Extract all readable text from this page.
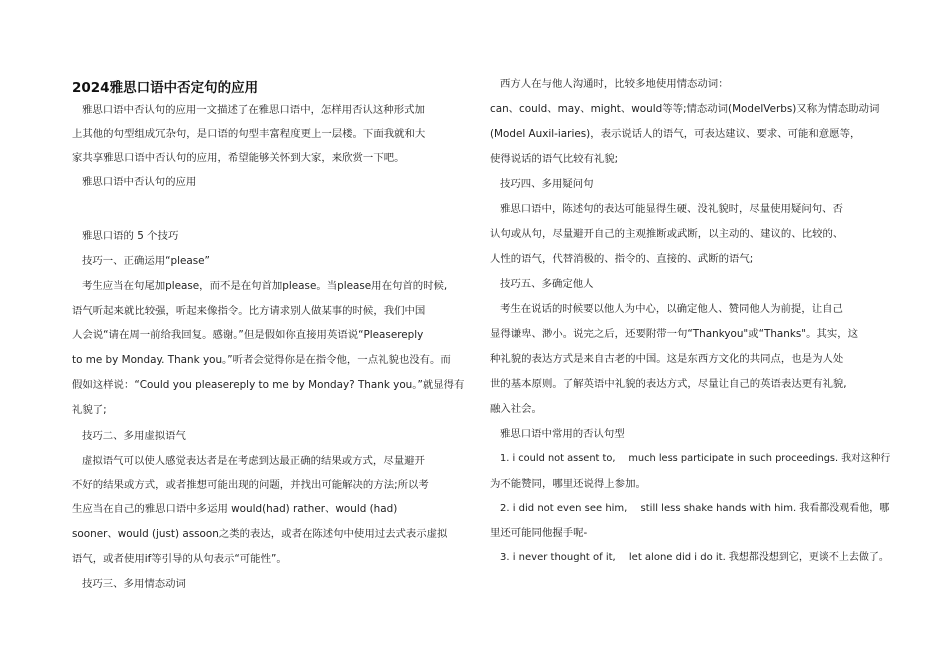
2024雅思口语中否定句的应用
雅思口语中否认句的应用一文描述了在雅思口语中，怎样用否认这种形式加
上其他的句型组成冗杂句，是口语的句型丰富程度更上一层楼。下面我就和大
家共享雅思口语中否认句的应用，希望能够关怀到大家，来欣赏一下吧。
雅思口语中否认句的应用
雅思口语的 5 个技巧
技巧一、正确运用“please”
考生应当在句尾加please，而不是在句首加please。当please用在句首的时候,
语气听起来就比较强，听起来像指令。比方请求别人做某事的时候，我们中国
人会说“请在周一前给我回复。感谢。”但是假如你直接用英语说“Pleasereply
to me by Monday. Thank you。”听者会觉得你是在指令他，一点礼貌也没有。而
假如这样说：“Could you pleasereply to me by Monday? Thank you。”就显得有
礼貌了;
技巧二、多用虚拟语气
虚拟语气可以使人感觉表达者是在考虑到达最正确的结果或方式，尽量避开
不好的结果或方式，或者推想可能出现的问题，并找出可能解决的方法;所以考
生应当在自己的雅思口语中多运用 would(had) rather、would (had)
sooner、would (just) assoon之类的表达，或者在陈述句中使用过去式表示虚拟
语气，或者使用if等引导的从句表示“可能性”。
技巧三、多用情态动词
西方人在与他人沟通时，比较多地使用情态动词：
can、could、may、might、would等等;情态动词(ModelVerbs)又称为情态助动词
(Model Auxil-iaries)，表示说话人的语气，可表达建议、要求、可能和意愿等，
使得说话的语气比较有礼貌;
技巧四、多用疑问句
雅思口语中，陈述句的表达可能显得生硬、没礼貌时，尽量使用疑问句、否
认句或从句，尽量避开自己的主观推断或武断，以主动的、建议的、比较的、
人性的语气，代替消极的、指令的、直接的、武断的语气;
技巧五、多确定他人
考生在说话的时候要以他人为中心，以确定他人、赞同他人为前提，让自己
显得谦卑、渺小。说完之后，还要附带一句“Thankyou"或“Thanks"。其实，这
种礼貌的表达方式是来自古老的中国。这是东西方文化的共同点，也是为人处
世的基本原则。了解英语中礼貌的表达方式，尽量让自己的英语表达更有礼貌,
融入社会。
雅思口语中常用的否认句型
1. i could not assent to,　 much less participate in such proceedings. 我对这种行
为不能赞同，哪里还说得上参加。
2. i did not even see him,　 still less shake hands with him. 我看都没观看他，哪
里还可能同他握手呢-
3. i never thought of it,　 let alone did i do it. 我想都没想到它，更谈不上去做了。
